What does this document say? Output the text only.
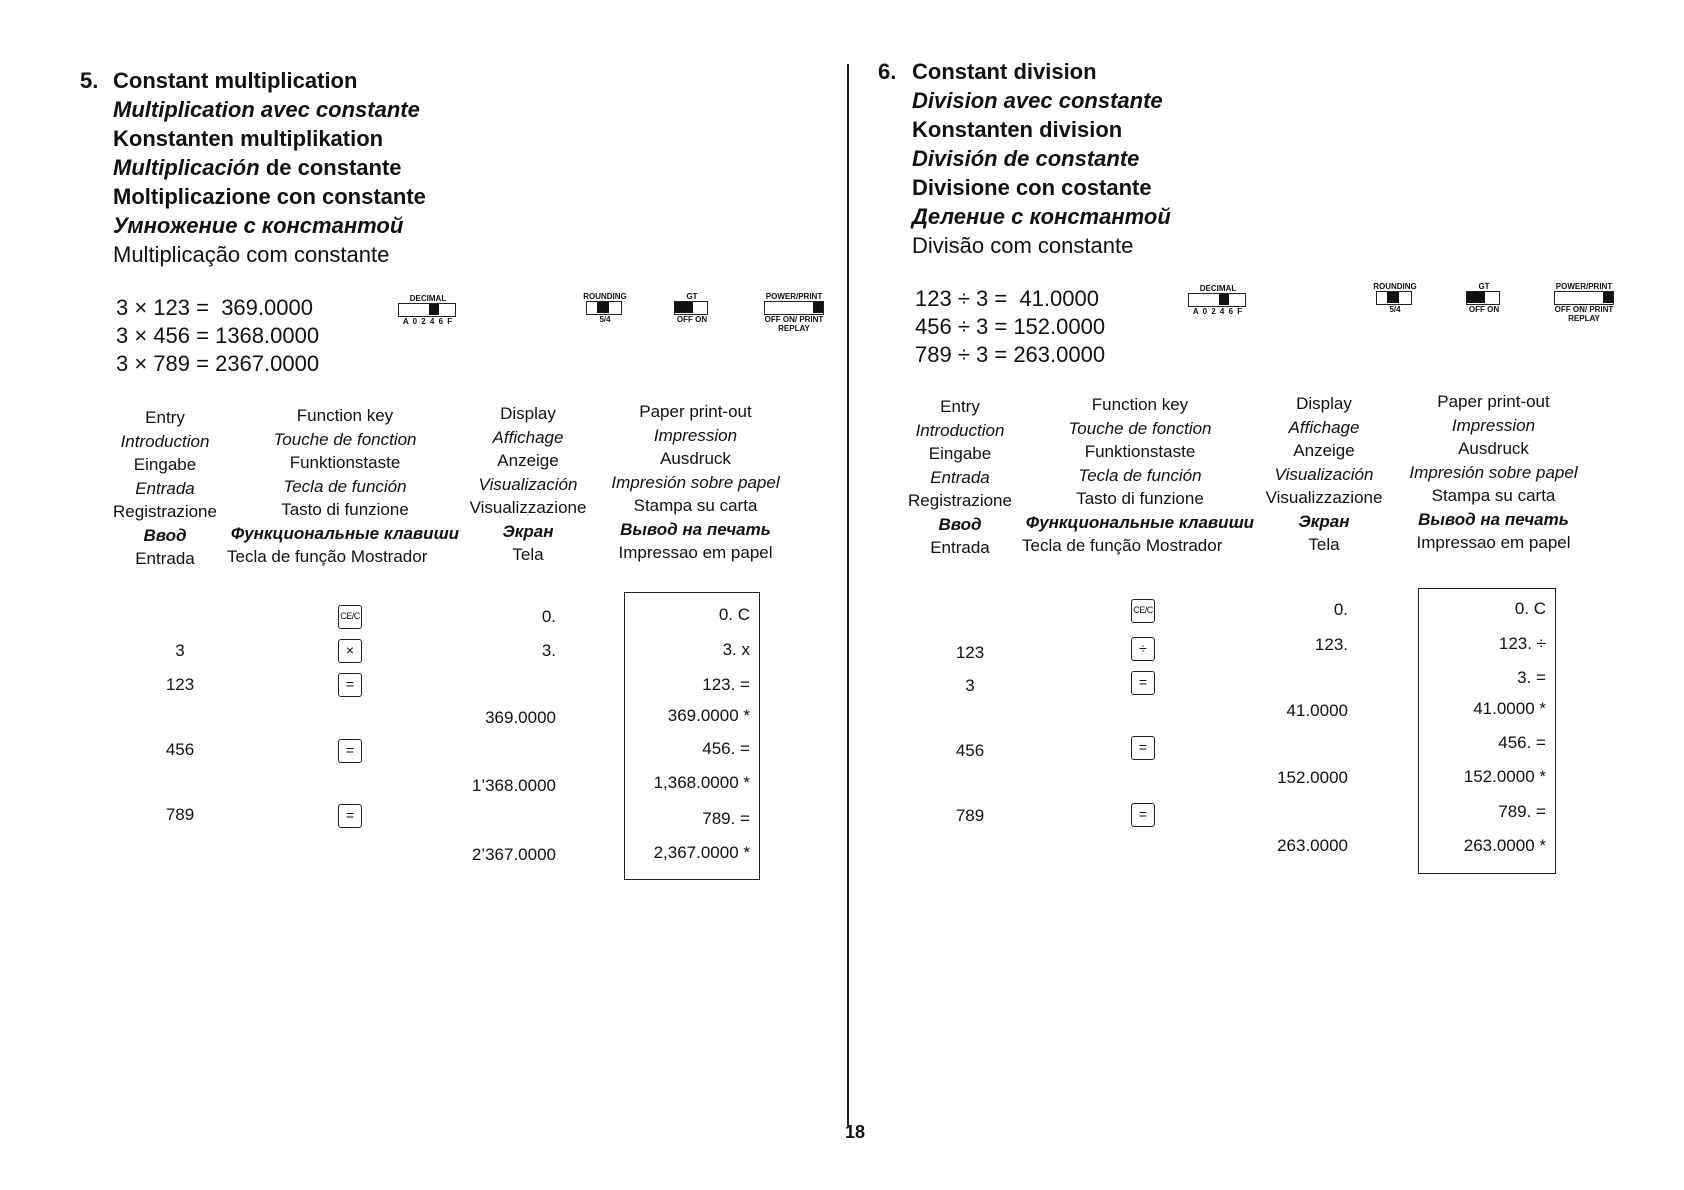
5. Constant multiplication
Multiplication avec constante
Konstanten multiplikation
Multiplicación de constante
Moltiplicazione con constante
Умножение с константой
Multiplicação com constante
3 × 123 =  369.0000
3 × 456 = 1368.0000
3 × 789 = 2367.0000
DECIMAL
A 0 2 4 6 F
ROUNDING
5/4
GT
OFF ON
POWER/PRINT
OFF ON/ PRINT
REPLAY
Entry
Introduction
Eingabe
Entrada
Registrazione
Ввод
Entrada
Function key
Touche de fonction
Funktionstaste
Tecla de función
Tasto di funzione
Функциональные клавиши
Tecla de função Mostrador
Display
Affichage
Anzeige
Visualización
Visualizzazione
Экран
Tela
Paper print-out
Impression
Ausdruck
Impresión sobre papel
Stampa su carta
Вывод на печать
Impressao em papel
3
123
456
789
CE/C
×
=
=
=
0.
3.
369.0000
1’368.0000
2’367.0000
0. C
3. x
123. =
369.0000 *
456. =
1,368.0000 *
789. =
2,367.0000 *
18
6. Constant division
Division avec constante
Konstanten division
División de constante
Divisione con costante
Деление с константой
Divisão com constante
123 ÷ 3 =  41.0000
456 ÷ 3 = 152.0000
789 ÷ 3 = 263.0000
DECIMAL
A 0 2 4 6 F
ROUNDING
5/4
GT
OFF ON
POWER/PRINT
OFF ON/ PRINT
REPLAY
Entry
Introduction
Eingabe
Entrada
Registrazione
Ввод
Entrada
Function key
Touche de fonction
Funktionstaste
Tecla de función
Tasto di funzione
Функциональные клавиши
Tecla de função Mostrador
Display
Affichage
Anzeige
Visualización
Visualizzazione
Экран
Tela
Paper print-out
Impression
Ausdruck
Impresión sobre papel
Stampa su carta
Вывод на печать
Impressao em papel
123
3
456
789
CE/C
÷
=
=
=
0.
123.
41.0000
152.0000
263.0000
0. C
123. ÷
3. =
41.0000 *
456. =
152.0000 *
789. =
263.0000 *
